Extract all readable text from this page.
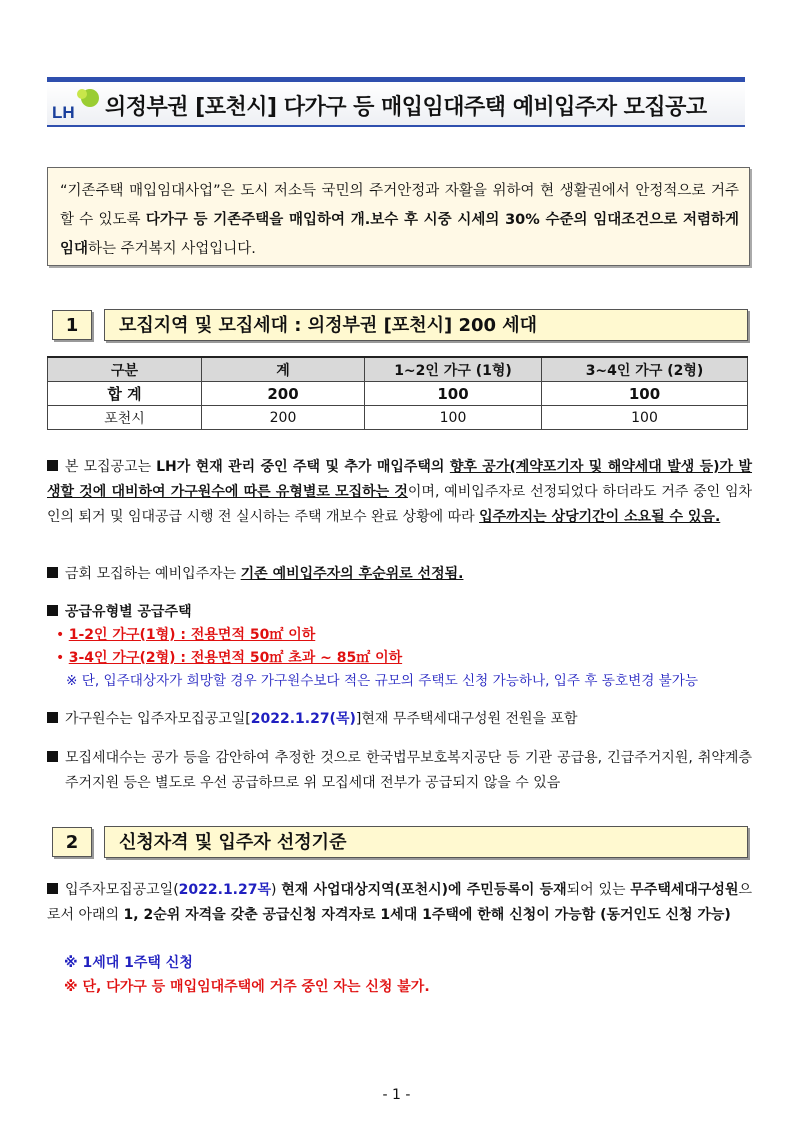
LH 의정부권 [포천시] 다가구 등 매입임대주택 예비입주자 모집공고
“기존주택 매입임대사업”은 도시 저소득 국민의 주거안정과 자활을 위하여 현 생활권에서 안정적으로 거주할 수 있도록 다가구 등 기존주택을 매입하여 개.보수 후 시중 시세의 30% 수준의 임대조건으로 저렴하게 임대하는 주거복지 사업입니다.
1	모집지역 및 모집세대 : 의정부권 [포천시] 200 세대
구분	계	1~2인 가구 (1형)	3~4인 가구 (2형)
합 계	200	100	100
포천시	200	100	100
본 모집공고는 LH가 현재 관리 중인 주택 및 추가 매입주택의 향후 공가(계약포기자 및 해약세대 발생 등)가 발생할 것에 대비하여 가구원수에 따른 유형별로 모집하는 것이며, 예비입주자로 선정되었다 하더라도 거주 중인 임차인의 퇴거 및 임대공급 시행 전 실시하는 주택 개보수 완료 상황에 따라 입주까지는 상당기간이 소요될 수 있음.
금회 모집하는 예비입주자는 기존 예비입주자의 후순위로 선정됨.
공급유형별 공급주택
• 1-2인 가구(1형) : 전용면적 50㎡ 이하
• 3-4인 가구(2형) : 전용면적 50㎡ 초과 ~ 85㎡ 이하
※ 단, 입주대상자가 희망할 경우 가구원수보다 적은 규모의 주택도 신청 가능하나, 입주 후 동호변경 불가능
가구원수는 입주자모집공고일[2022.1.27(목)]현재 무주택세대구성원 전원을 포함
모집세대수는 공가 등을 감안하여 추정한 것으로 한국법무보호복지공단 등 기관 공급용, 긴급주거지원, 취약계층 주거지원 등은 별도로 우선 공급하므로 위 모집세대 전부가 공급되지 않을 수 있음
2	신청자격 및 입주자 선정기준
입주자모집공고일(2022.1.27목) 현재 사업대상지역(포천시)에 주민등록이 등재되어 있는 무주택세대구성원으로서 아래의 1, 2순위 자격을 갖춘 공급신청 자격자로 1세대 1주택에 한해 신청이 가능함 (동거인도 신청 가능)
※ 1세대 1주택 신청
※ 단, 다가구 등 매입임대주택에 거주 중인 자는 신청 불가.
- 1 -
